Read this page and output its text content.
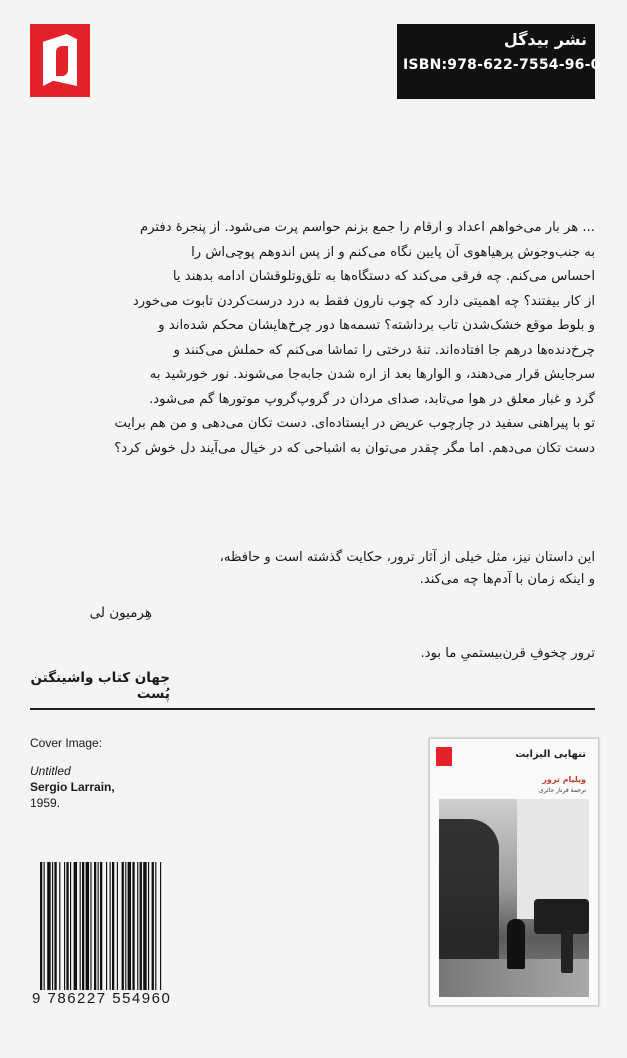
نشر بیدگل
ISBN:978-622-7554-96-0
... هر بار می‌خواهم اعداد و ارقام را جمع بزنم حواسم پرت می‌شود. از پنجرهٔ دفترم
به جنب‌وجوش پرهیاهوی آن پایین نگاه می‌کنم و از پس اندوهم پوچی‌اش را
احساس می‌کنم. چه فرقی می‌کند که دستگاه‌ها به تلق‌وتلوقشان ادامه بدهند یا
از کار بیفتند؟ چه اهمیتی دارد که چوب نارون فقط به درد درست‌کردن تابوت می‌خورد
و بلوط موقع خشک‌شدن تاب برداشته؟ تسمه‌ها دور چرخ‌هایشان محکم شده‌اند و
چرخ‌دنده‌ها درهم جا افتاده‌اند. تنهٔ درختی را تماشا می‌کنم که حملش می‌کنند و
سرجایش قرار می‌دهند، و الوارها بعد از اره شدن جابه‌جا می‌شوند. نور خورشید به
گرد و غبار معلق در هوا می‌تابد، صدای مردان در گروپ‌گروپ موتورها گم می‌شود.
تو با پیراهنی سفید در چارچوب عریض در ایستاده‌ای. دست تکان می‌دهی و من هم برایت
دست تکان می‌دهم. اما مگر چقدر می‌توان به اشباحی که در خیال می‌آیند دل خوش کرد؟
این داستان نیز، مثل خیلی از آثار ترور، حکایت گذشته است و حافظه،
و اینکه زمان با آدم‌ها چه می‌کند.
هِرمیون لی
ترور چخوفِ قرن‌بیستمیِ ما بود.
جهان کتاب واشینگتن پُست
Cover Image:
Untitled
Sergio Larrain,
1959.
9 786227 554960
تنهایی الیزابت
ویلیام ترور
ترجمهٔ فرناز حائری
